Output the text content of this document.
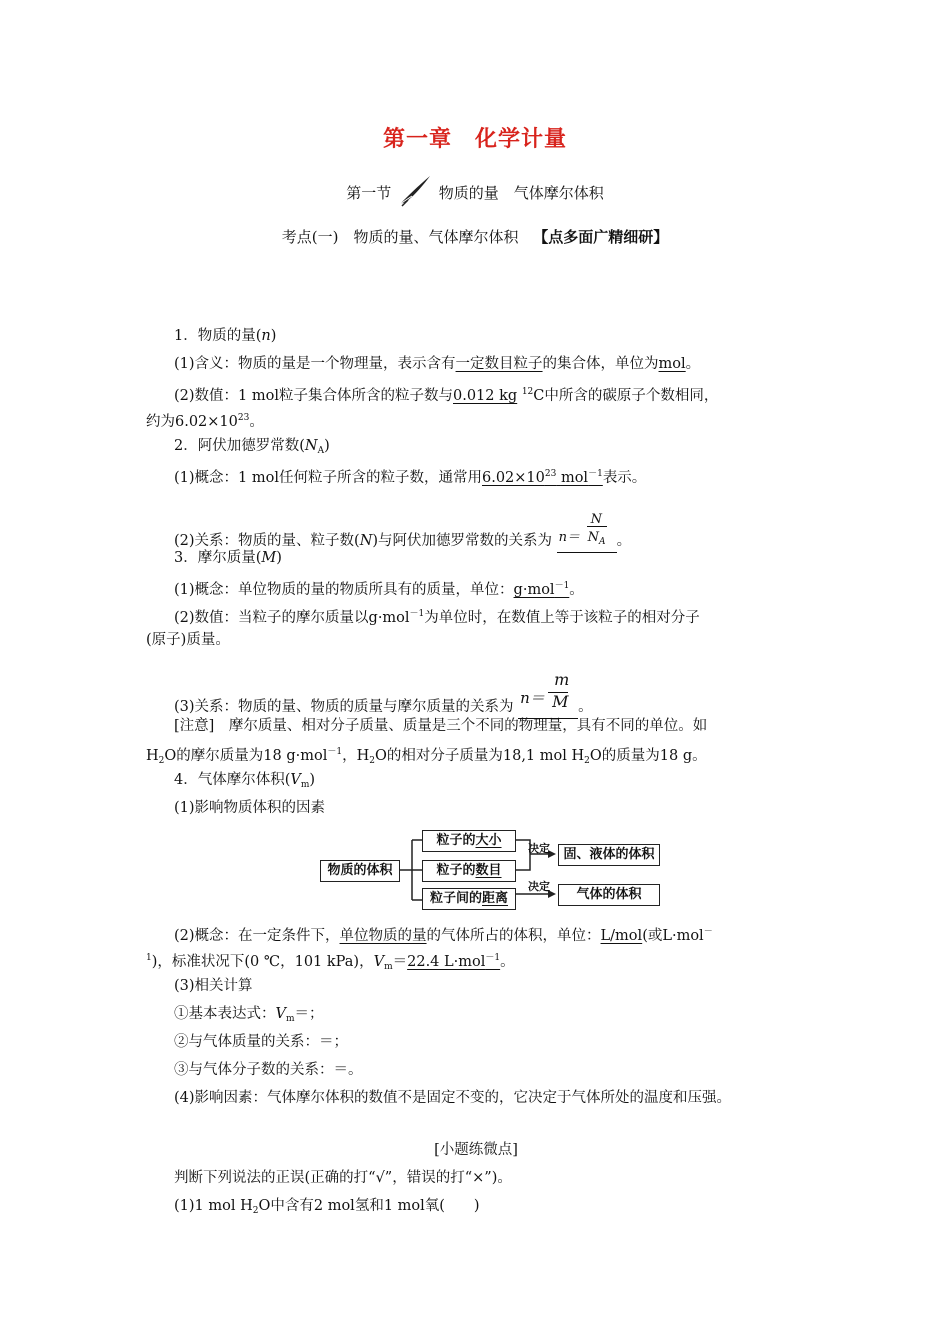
第一章　化学计量
第一节	物质的量　气体摩尔体积
考点(一)　物质的量、气体摩尔体积 【点多面广精细研】
1．物质的量(n)
(1)含义：物质的量是一个物理量，表示含有一定数目粒子的集合体，单位为mol。
(2)数值：1 mol粒子集合体所含的粒子数与0.012 kg $^{12}$C中所含的碳原子个数相同，
约为$6.02\times 10^{23}$。
2．阿伏加德罗常数$(N_A)$
(1)概念：1 mol任何粒子所含的粒子数，通常用$6.02\times 10^{23}$ mol$^{-1}$表示。
(2)关系：物质的量、粒子数(N)与阿伏加德罗常数的关系为 n＝
N
$N_A$ 。
3．摩尔质量(M)
(1)概念：单位物质的量的物质所具有的质量，单位：g·mol$^{-1}$。
(2)数值：当粒子的摩尔质量以g·mol$^{-1}$为单位时，在数值上等于该粒子的相对分子
(原子)质量。
(3)关系：物质的量、物质的质量与摩尔质量的关系为 n＝
m
M 。
[注意]　摩尔质量、相对分子质量、质量是三个不同的物理量，具有不同的单位。如
$H_2O$的摩尔质量为18 g·mol$^{-1}$，$H_2O$的相对分子质量为18,1 mol $H_2O$的质量为18 g。
4．气体摩尔体积$(V_m)$
(1)影响物质体积的因素
(2)概念：在一定条件下，单位物质的量的气体所占的体积，单位：L/mol(或L·mol－
$^1$)，标准状况下(0 ℃，101 kPa)，$V_m=22.4$ L·mol$^{-1}$。
(3)相关计算
①基本表达式：$V_m=$；
②与气体质量的关系：＝；
③与气体分子数的关系：＝。
(4)影响因素：气体摩尔体积的数值不是固定不变的，它决定于气体所处的温度和压强。
[小题练微点]
判断下列说法的正误(正确的打“√”，错误的打“×”)。
(1)1 mol $H_2O$中含有2 mol氢和1 mol氧(　　)
物质的体积
粒子的大小
粒子的数目
粒子间的距离
决定
决定
固、液体的体积
气体的体积
